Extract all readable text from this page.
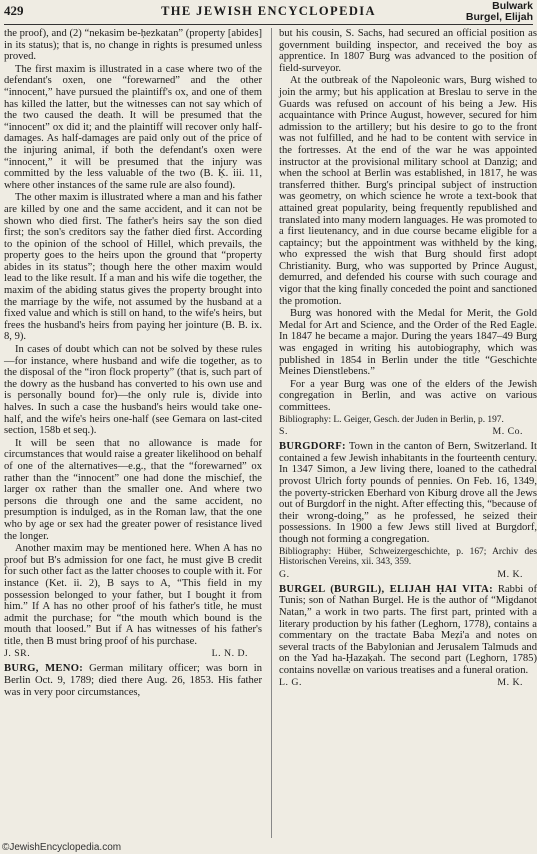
429	THE JEWISH ENCYCLOPEDIA	Bulwark
Burgel, Elijah

the proof), and (2) “nekasim be-ḥezkatan” (property [abides] in its status); that is, no change in rights is presumed unless proved.

The first maxim is illustrated in a case where two of the defendant's oxen, one “forewarned” and the other “innocent,” have pursued the plaintiff's ox, and one of them has killed the latter, but the witnesses can not say which of the two caused the death. It will be presumed that the “innocent” ox did it; and the plaintiff will recover only half-damages. As half-damages are paid only out of the price of the injuring animal, if both the defendant's oxen were “innocent,” it will be presumed that the injury was committed by the less valuable of the two (B. Ḳ. iii. 11, where other instances of the same rule are also found).

The other maxim is illustrated where a man and his father are killed by one and the same accident, and it can not be shown who died first. The father's heirs say the son died first; the son's creditors say the father died first. According to the opinion of the school of Hillel, which prevails, the property goes to the heirs upon the ground that “property abides in its status”; though here the other maxim would lead to the like result. If a man and his wife die together, the maxim of the abiding status gives the property brought into the marriage by the wife, not assumed by the husband at a fixed value and which is still on hand, to the wife's heirs, but frees the husband's heirs from paying her jointure (B. B. ix. 8, 9).

In cases of doubt which can not be solved by these rules—for instance, where husband and wife die together, as to the disposal of the “iron flock property” (that is, such part of the dowry as the husband has converted to his own use and is personally bound for)—the only rule is, divide into halves. In such a case the husband's heirs would take one-half, and the wife's heirs one-half (see Gemara on last-cited section, 158b et seq.).

It will be seen that no allowance is made for circumstances that would raise a greater likelihood on behalf of one of the alternatives—e.g., that the “forewarned” ox rather than the “innocent” one had done the mischief, the larger ox rather than the smaller one. And where two persons die through one and the same accident, no presumption is indulged, as in the Roman law, that the one who by age or sex had the greater power of resistance lived the longer.

Another maxim may be mentioned here. When A has no proof but B's admission for one fact, he must give B credit for such other fact as the latter chooses to couple with it. For instance (Ket. ii. 2), B says to A, “This field in my possession belonged to your father, but I bought it from him.” If A has no other proof of his father's title, he must admit the purchase; for “the mouth which bound is the mouth that loosed.” But if A has witnesses of his father's title, then B must bring proof of his purchase.

J. SR.	L. N. D.

BURG, MENO: German military officer; was born in Berlin Oct. 9, 1789; died there Aug. 26, 1853. His father was in very poor circumstances,

but his cousin, S. Sachs, had secured an official position as government building inspector, and received the boy as apprentice. In 1807 Burg was advanced to the position of field-surveyor.

At the outbreak of the Napoleonic wars, Burg wished to join the army; but his application at Breslau to serve in the Guards was refused on account of his being a Jew. His acquaintance with Prince August, however, secured for him admission to the artillery; but his desire to go to the front was not fulfilled, and he had to be content with service in the fortresses. At the end of the war he was appointed instructor at the provisional military school at Danzig; and when the school at Berlin was established, in 1817, he was transferred thither. Burg's principal subject of instruction was geometry, on which science he wrote a text-book that attained great popularity, being frequently republished and translated into many modern languages. He was promoted to a first lieutenancy, and in due course became eligible for a captaincy; but the appointment was withheld by the king, who expressed the wish that Burg should first adopt Christianity. Burg, who was supported by Prince August, demurred, and defended his course with such courage and vigor that the king finally conceded the point and sanctioned the promotion.

Burg was honored with the Medal for Merit, the Gold Medal for Art and Science, and the Order of the Red Eagle. In 1847 he became a major. During the years 1847–49 Burg was engaged in writing his autobiography, which was published in 1854 in Berlin under the title “Geschichte Meines Dienstlebens.”

For a year Burg was one of the elders of the Jewish congregation in Berlin, and was active on various committees.

Bibliography: L. Geiger, Gesch. der Juden in Berlin, p. 197.

S.	M. Co.

BURGDORF: Town in the canton of Bern, Switzerland. It contained a few Jewish inhabitants in the fourteenth century. In 1347 Simon, a Jew living there, loaned to the cathedral provost Ulrich forty pounds of pennies. On Feb. 16, 1349, the poverty-stricken Eberhard von Kiburg drove all the Jews out of Burgdorf in the night. After effecting this, “because of their wrong-doing,” as he professed, he seized their possessions. In 1900 a few Jews still lived at Burgdorf, though not forming a congregation.

Bibliography: Hüber, Schweizergeschichte, p. 167; Archiv des Historischen Vereins, xii. 343, 359.

G.	M. K.

BURGEL (BURGIL), ELIJAH ḤAI VITA: Rabbi of Tunis; son of Nathan Burgel. He is the author of “Migdanot Natan,” a work in two parts. The first part, printed with a literary production by his father (Leghorn, 1778), contains a commentary on the tractate Baba Meẓi'a and notes on several tracts of the Babylonian and Jerusalem Talmuds and on the Yad ha-Ḥazaḳah. The second part (Leghorn, 1785) contains novellæ on various treatises and a funeral oration.

L. G.	M. K.
©JewishEncyclopedia.com
